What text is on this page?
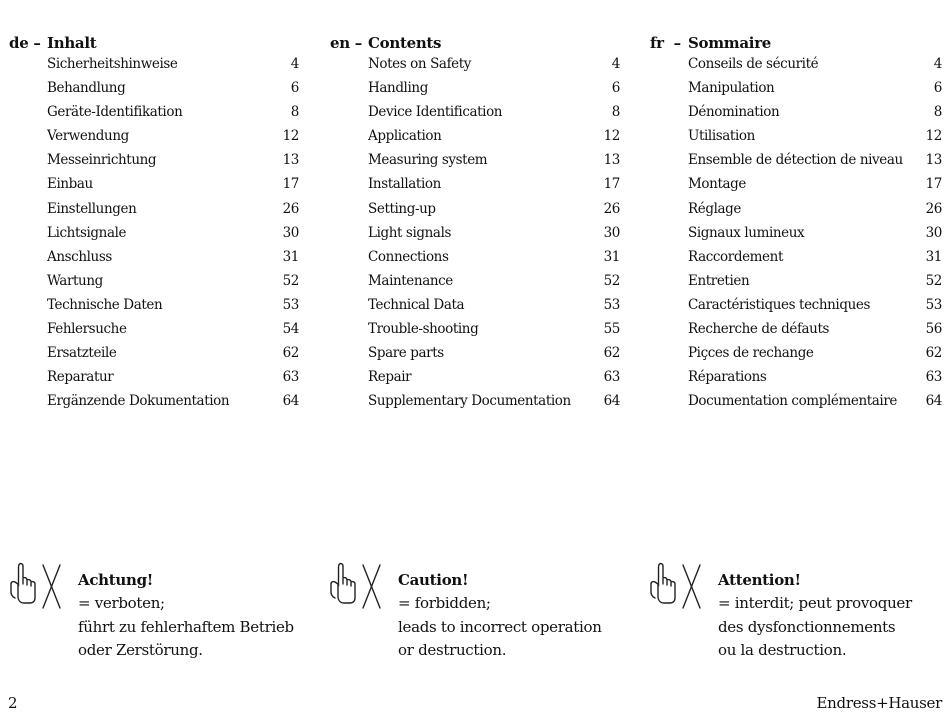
de – Inhalt
Sicherheitshinweise	4
Behandlung	6
Geräte-Identifikation	8
Verwendung	12
Messeinrichtung	13
Einbau	17
Einstellungen	26
Lichtsignale	30
Anschluss	31
Wartung	52
Technische Daten	53
Fehlersuche	54
Ersatzteile	62
Reparatur	63
Ergänzende Dokumentation	64
en – Contents
Notes on Safety	4
Handling	6
Device Identification	8
Application	12
Measuring system	13
Installation	17
Setting-up	26
Light signals	30
Connections	31
Maintenance	52
Technical Data	53
Trouble-shooting	55
Spare parts	62
Repair	63
Supplementary Documentation 64
fr  – Sommaire
Conseils de sécurité	4
Manipulation	6
Dénomination	8
Utilisation	12
Ensemble de détection de niveau 13
Montage	17
Réglage	26
Signaux lumineux	30
Raccordement	31
Entretien	52
Caractéristiques techniques	53
Recherche de défauts	56
Piçces de rechange	62
Réparations	63
Documentation complémentaire 64
Achtung!
= verboten;
führt zu fehlerhaftem Betrieb
oder Zerstörung.
Caution!
= forbidden;
leads to incorrect operation
or destruction.
Attention!
= interdit; peut provoquer
des dysfonctionnements
ou la destruction.
2	Endress+Hauser
